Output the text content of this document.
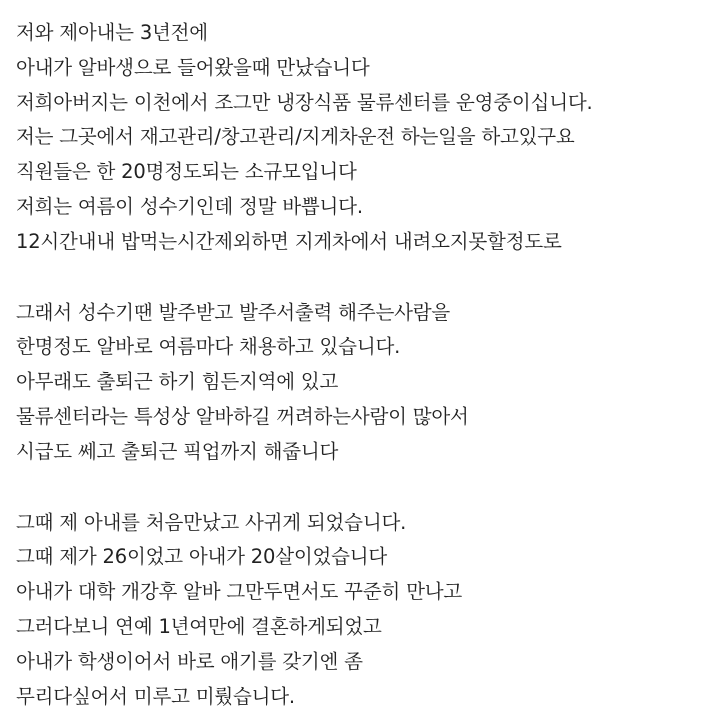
저와 제아내는 3년전에
아내가 알바생으로 들어왔을때 만났습니다
저희아버지는 이천에서 조그만 냉장식품 물류센터를 운영중이십니다.
저는 그곳에서 재고관리/창고관리/지게차운전 하는일을 하고있구요
직원들은 한 20명정도되는 소규모입니다
저희는 여름이 성수기인데 정말 바쁩니다.
12시간내내 밥먹는시간제외하면 지게차에서 내려오지못할정도로
그래서 성수기땐 발주받고 발주서출력 해주는사람을
한명정도 알바로 여름마다 채용하고 있습니다.
아무래도 출퇴근 하기 힘든지역에 있고
물류센터라는 특성상 알바하길 꺼려하는사람이 많아서
시급도 쎄고 출퇴근 픽업까지 해줍니다
그때 제 아내를 처음만났고 사귀게 되었습니다.
그때 제가 26이었고 아내가 20살이었습니다
아내가 대학 개강후 알바 그만두면서도 꾸준히 만나고
그러다보니 연예 1년여만에 결혼하게되었고
아내가 학생이어서 바로 애기를 갖기엔 좀
무리다싶어서 미루고 미뤘습니다.
